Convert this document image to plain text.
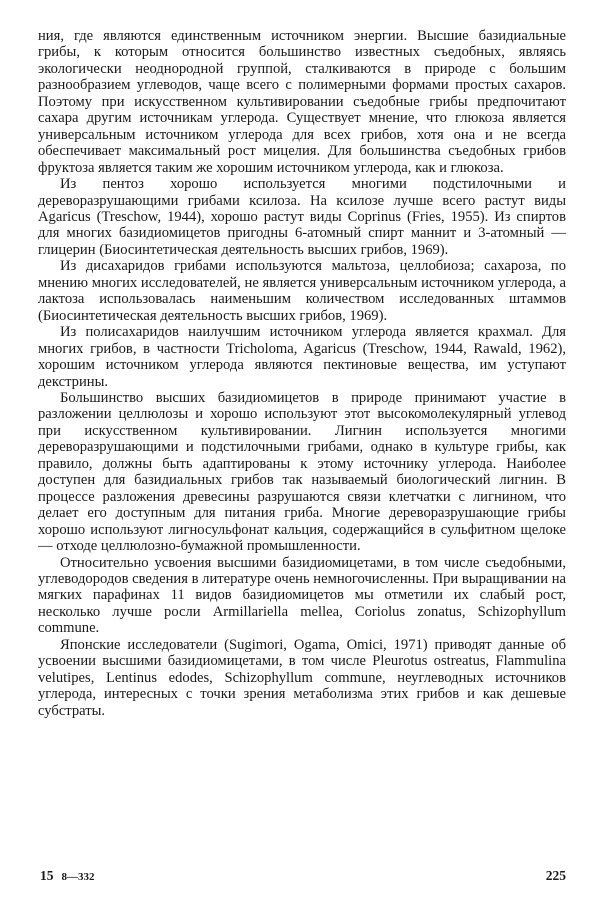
ния, где являются единственным источником энергии. Высшие базидиальные грибы, к которым относится большинство известных съедобных, являясь экологически неоднородной группой, сталкиваются в природе с большим разнообразием углеводов, чаще всего с полимерными формами простых сахаров. Поэтому при искусственном культивировании съедобные грибы предпочитают сахара другим источникам углерода. Существует мнение, что глюкоза является универсальным источником углерода для всех грибов, хотя она и не всегда обеспечивает максимальный рост мицелия. Для большинства съедобных грибов фруктоза является таким же хорошим источником углерода, как и глюкоза.

Из пентоз хорошо используется многими подстилочными и дереворазрушающими грибами ксилоза. На ксилозе лучше всего растут виды Agaricus (Treschow, 1944), хорошо растут виды Coprinus (Fries, 1955). Из спиртов для многих базидиомицетов пригодны 6-атомный спирт маннит и 3-атомный — глицерин (Биосинтетическая деятельность высших грибов, 1969).

Из дисахаридов грибами используются мальтоза, целлобиоза; сахароза, по мнению многих исследователей, не является универсальным источником углерода, а лактоза использовалась наименьшим количеством исследованных штаммов (Биосинтетическая деятельность высших грибов, 1969).

Из полисахаридов наилучшим источником углерода является крахмал. Для многих грибов, в частности Tricholoma, Agaricus (Treschow, 1944, Rawald, 1962), хорошим источником углерода являются пектиновые вещества, им уступают декстрины.

Большинство высших базидиомицетов в природе принимают участие в разложении целлюлозы и хорошо используют этот высокомолекулярный углевод при искусственном культивировании. Лигнин используется многими дереворазрушающими и подстилочными грибами, однако в культуре грибы, как правило, должны быть адаптированы к этому источнику углерода. Наиболее доступен для базидиальных грибов так называемый биологический лигнин. В процессе разложения древесины разрушаются связи клетчатки с лигнином, что делает его доступным для питания гриба. Многие дереворазрушающие грибы хорошо используют лигносульфонат кальция, содержащийся в сульфитном щелоке — отходе целлюлозно-бумажной промышленности.

Относительно усвоения высшими базидиомицетами, в том числе съедобными, углеводородов сведения в литературе очень немногочисленны. При выращивании на мягких парафинах 11 видов базидиомицетов мы отметили их слабый рост, несколько лучше росли Armillariella mellea, Coriolus zonatus, Schizophyllum commune.

Японские исследователи (Sugimori, Ogama, Omici, 1971) приводят данные об усвоении высшими базидиомицетами, в том числе Pleurotus ostreatus, Flammulina velutipes, Lentinus edodes, Schizophyllum commune, неуглеводных источников углерода, интересных с точки зрения метаболизма этих грибов и как дешевые субстраты.

15 8—332	225
